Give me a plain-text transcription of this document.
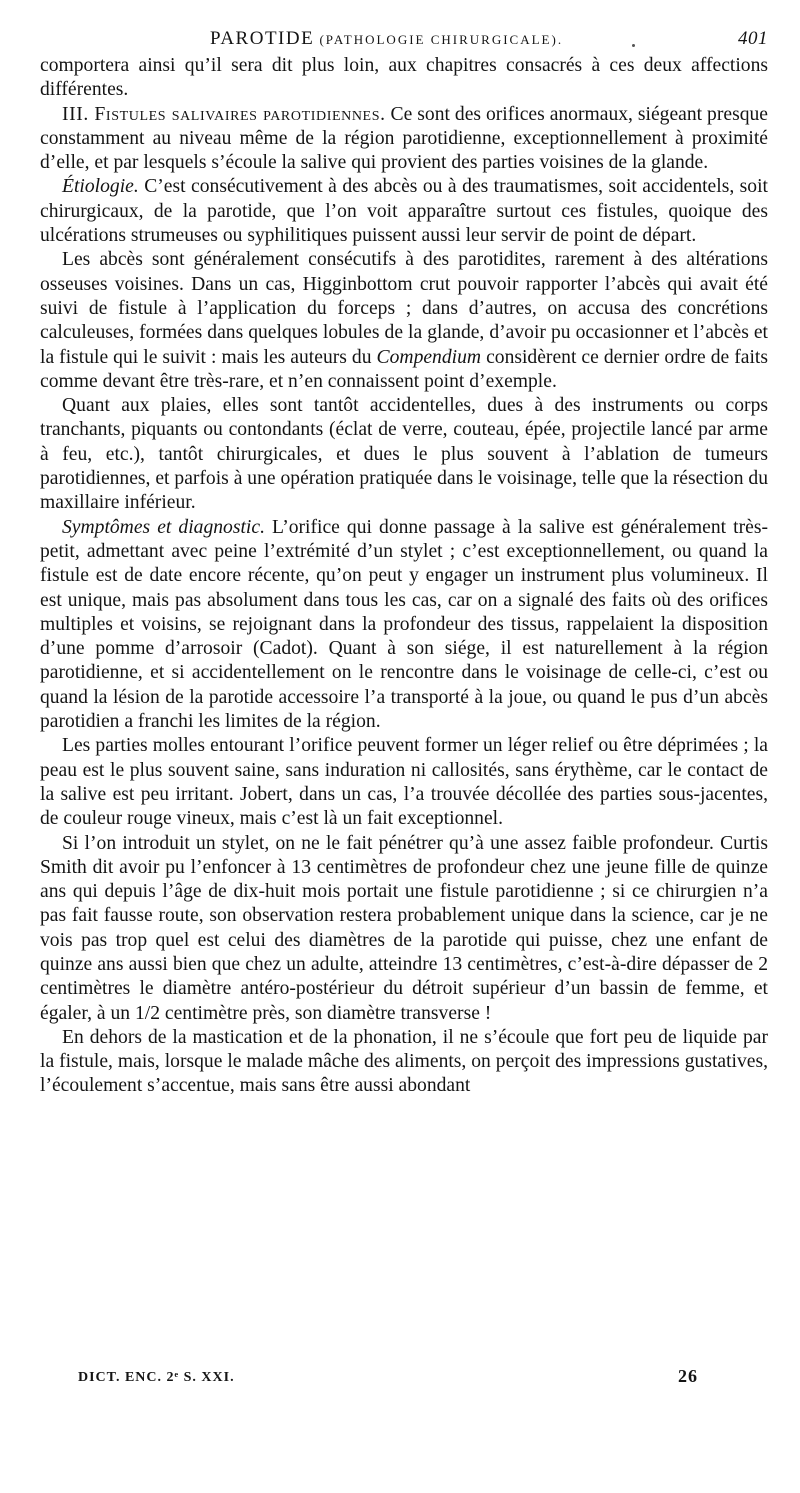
PAROTIDE (PATHOLOGIE CHIRURGICALE).	401

comportera ainsi qu’il sera dit plus loin, aux chapitres consacrés à ces deux affections différentes.

III. Fistules salivaires parotidiennes. Ce sont des orifices anormaux, siégeant presque constamment au niveau même de la région parotidienne, exceptionnellement à proximité d’elle, et par lesquels s’écoule la salive qui provient des parties voisines de la glande.

Étiologie. C’est consécutivement à des abcès ou à des traumatismes, soit accidentels, soit chirurgicaux, de la parotide, que l’on voit apparaître surtout ces fistules, quoique des ulcérations strumeuses ou syphilitiques puissent aussi leur servir de point de départ.

Les abcès sont généralement consécutifs à des parotidites, rarement à des altérations osseuses voisines. Dans un cas, Higginbottom crut pouvoir rapporter l’abcès qui avait été suivi de fistule à l’application du forceps ; dans d’autres, on accusa des concrétions calculeuses, formées dans quelques lobules de la glande, d’avoir pu occasionner et l’abcès et la fistule qui le suivit : mais les auteurs du Compendium considèrent ce dernier ordre de faits comme devant être très-rare, et n’en connaissent point d’exemple.

Quant aux plaies, elles sont tantôt accidentelles, dues à des instruments ou corps tranchants, piquants ou contondants (éclat de verre, couteau, épée, projectile lancé par arme à feu, etc.), tantôt chirurgicales, et dues le plus souvent à l’ablation de tumeurs parotidiennes, et parfois à une opération pratiquée dans le voisinage, telle que la résection du maxillaire inférieur.

Symptômes et diagnostic. L’orifice qui donne passage à la salive est généralement très-petit, admettant avec peine l’extrémité d’un stylet ; c’est exceptionnellement, ou quand la fistule est de date encore récente, qu’on peut y engager un instrument plus volumineux. Il est unique, mais pas absolument dans tous les cas, car on a signalé des faits où des orifices multiples et voisins, se rejoignant dans la profondeur des tissus, rappelaient la disposition d’une pomme d’arrosoir (Cadot). Quant à son siége, il est naturellement à la région parotidienne, et si accidentellement on le rencontre dans le voisinage de celle-ci, c’est ou quand la lésion de la parotide accessoire l’a transporté à la joue, ou quand le pus d’un abcès parotidien a franchi les limites de la région.

Les parties molles entourant l’orifice peuvent former un léger relief ou être déprimées ; la peau est le plus souvent saine, sans induration ni callosités, sans érythème, car le contact de la salive est peu irritant. Jobert, dans un cas, l’a trouvée décollée des parties sous-jacentes, de couleur rouge vineux, mais c’est là un fait exceptionnel.

Si l’on introduit un stylet, on ne le fait pénétrer qu’à une assez faible profondeur. Curtis Smith dit avoir pu l’enfoncer à 13 centimètres de profondeur chez une jeune fille de quinze ans qui depuis l’âge de dix-huit mois portait une fistule parotidienne ; si ce chirurgien n’a pas fait fausse route, son observation restera probablement unique dans la science, car je ne vois pas trop quel est celui des diamètres de la parotide qui puisse, chez une enfant de quinze ans aussi bien que chez un adulte, atteindre 13 centimètres, c’est-à-dire dépasser de 2 centimètres le diamètre antéro-postérieur du détroit supérieur d’un bassin de femme, et égaler, à un 1/2 centimètre près, son diamètre transverse !

En dehors de la mastication et de la phonation, il ne s’écoule que fort peu de liquide par la fistule, mais, lorsque le malade mâche des aliments, on perçoit des impressions gustatives, l’écoulement s’accentue, mais sans être aussi abondant

DICT. ENC. 2ᵉ S. XXI.	26
